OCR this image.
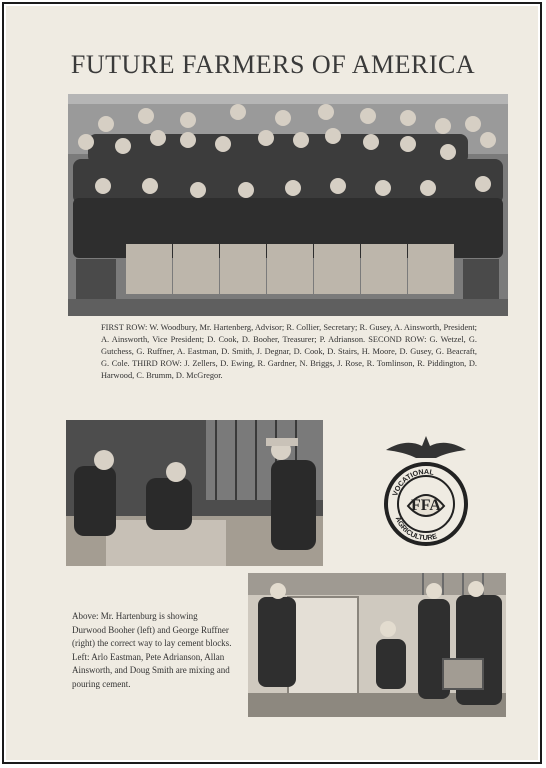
FUTURE FARMERS OF AMERICA
FIRST ROW: W. Woodbury, Mr. Hartenberg, Advisor; R. Collier, Secretary; R. Gusey, A. Ainsworth, President; A. Ainsworth, Vice President; D. Cook, D. Booher, Treasurer; P. Adrianson. SECOND ROW: G. Wetzel, G. Gutchess, G. Ruffner, A. Eastman, D. Smith, J. Degnar, D. Cook, D. Stairs, H. Moore, D. Gusey, G. Beacraft, G. Cole. THIRD ROW: J. Zellers, D. Ewing, R. Gardner, N. Briggs, J. Rose, R. Tomlinson, R. Piddington, D. Harwood, C. Brumm, D. McGregor.
VOCATIONAL
FFA
AGRICULTURE
Above: Mr. Hartenburg is showing Durwood Booher (left) and George Ruffner (right) the correct way to lay cement blocks. Left: Arlo Eastman, Pete Adrianson, Allan Ainsworth, and Doug Smith are mixing and pouring cement.
